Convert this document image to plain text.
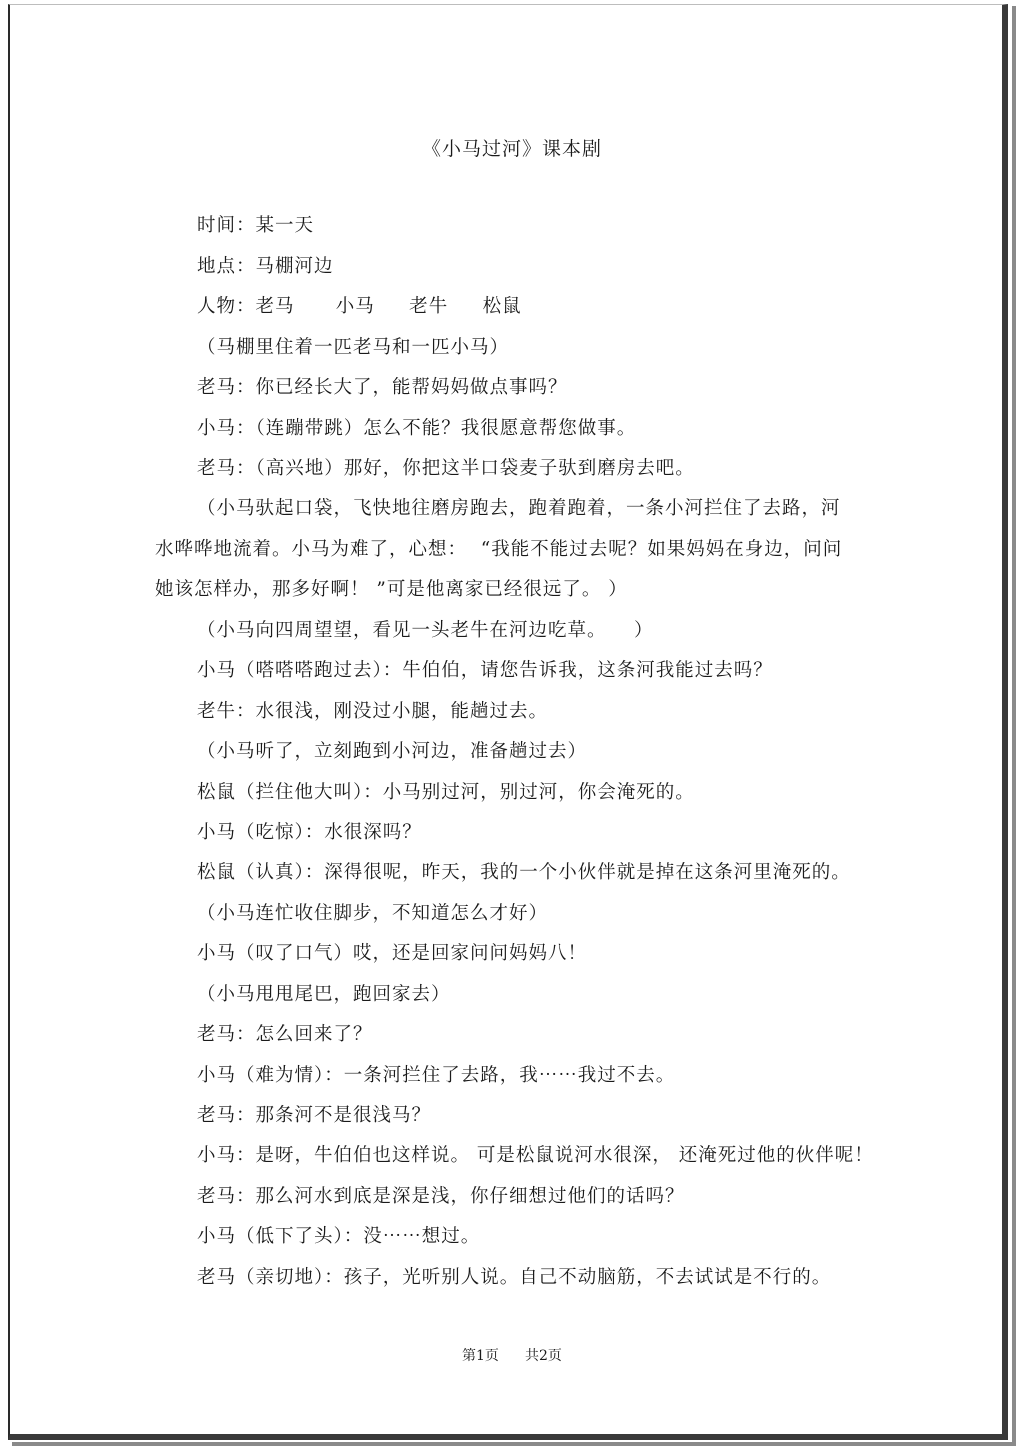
《小马过河》课本剧
时间：某一天
地点：马棚河边
人物：老马      小马     老牛     松鼠
（马棚里住着一匹老马和一匹小马）
老马：你已经长大了，能帮妈妈做点事吗？
小马：（连蹦带跳）怎么不能？我很愿意帮您做事。
老马：（高兴地）那好，你把这半口袋麦子驮到磨房去吧。
（小马驮起口袋，飞快地往磨房跑去，跑着跑着，一条小河拦住了去路，河
水哗哗地流着。小马为难了，心想：  “我能不能过去呢？如果妈妈在身边，问问
她该怎样办，那多好啊！ ”可是他离家已经很远了。 ）
（小马向四周望望，看见一头老牛在河边吃草。    ）
小马（嗒嗒嗒跑过去）：牛伯伯，请您告诉我，这条河我能过去吗？
老牛：水很浅，刚没过小腿，能趟过去。
（小马听了，立刻跑到小河边，准备趟过去）
松鼠（拦住他大叫）：小马别过河，别过河，你会淹死的。
小马（吃惊）：水很深吗？
松鼠（认真）：深得很呢，昨天，我的一个小伙伴就是掉在这条河里淹死的。
（小马连忙收住脚步，不知道怎么才好）
小马（叹了口气）哎，还是回家问问妈妈八！
（小马甩甩尾巴，跑回家去）
老马：怎么回来了？
小马（难为情）：一条河拦住了去路，我⋯⋯我过不去。
老马：那条河不是很浅马？
小马：是呀，牛伯伯也这样说。 可是松鼠说河水很深， 还淹死过他的伙伴呢！
老马：那么河水到底是深是浅，你仔细想过他们的话吗？
小马（低下了头）：没⋯⋯想过。
老马（亲切地）：孩子，光听别人说。自己不动脑筋，不去试试是不行的。
第1页 共2页
